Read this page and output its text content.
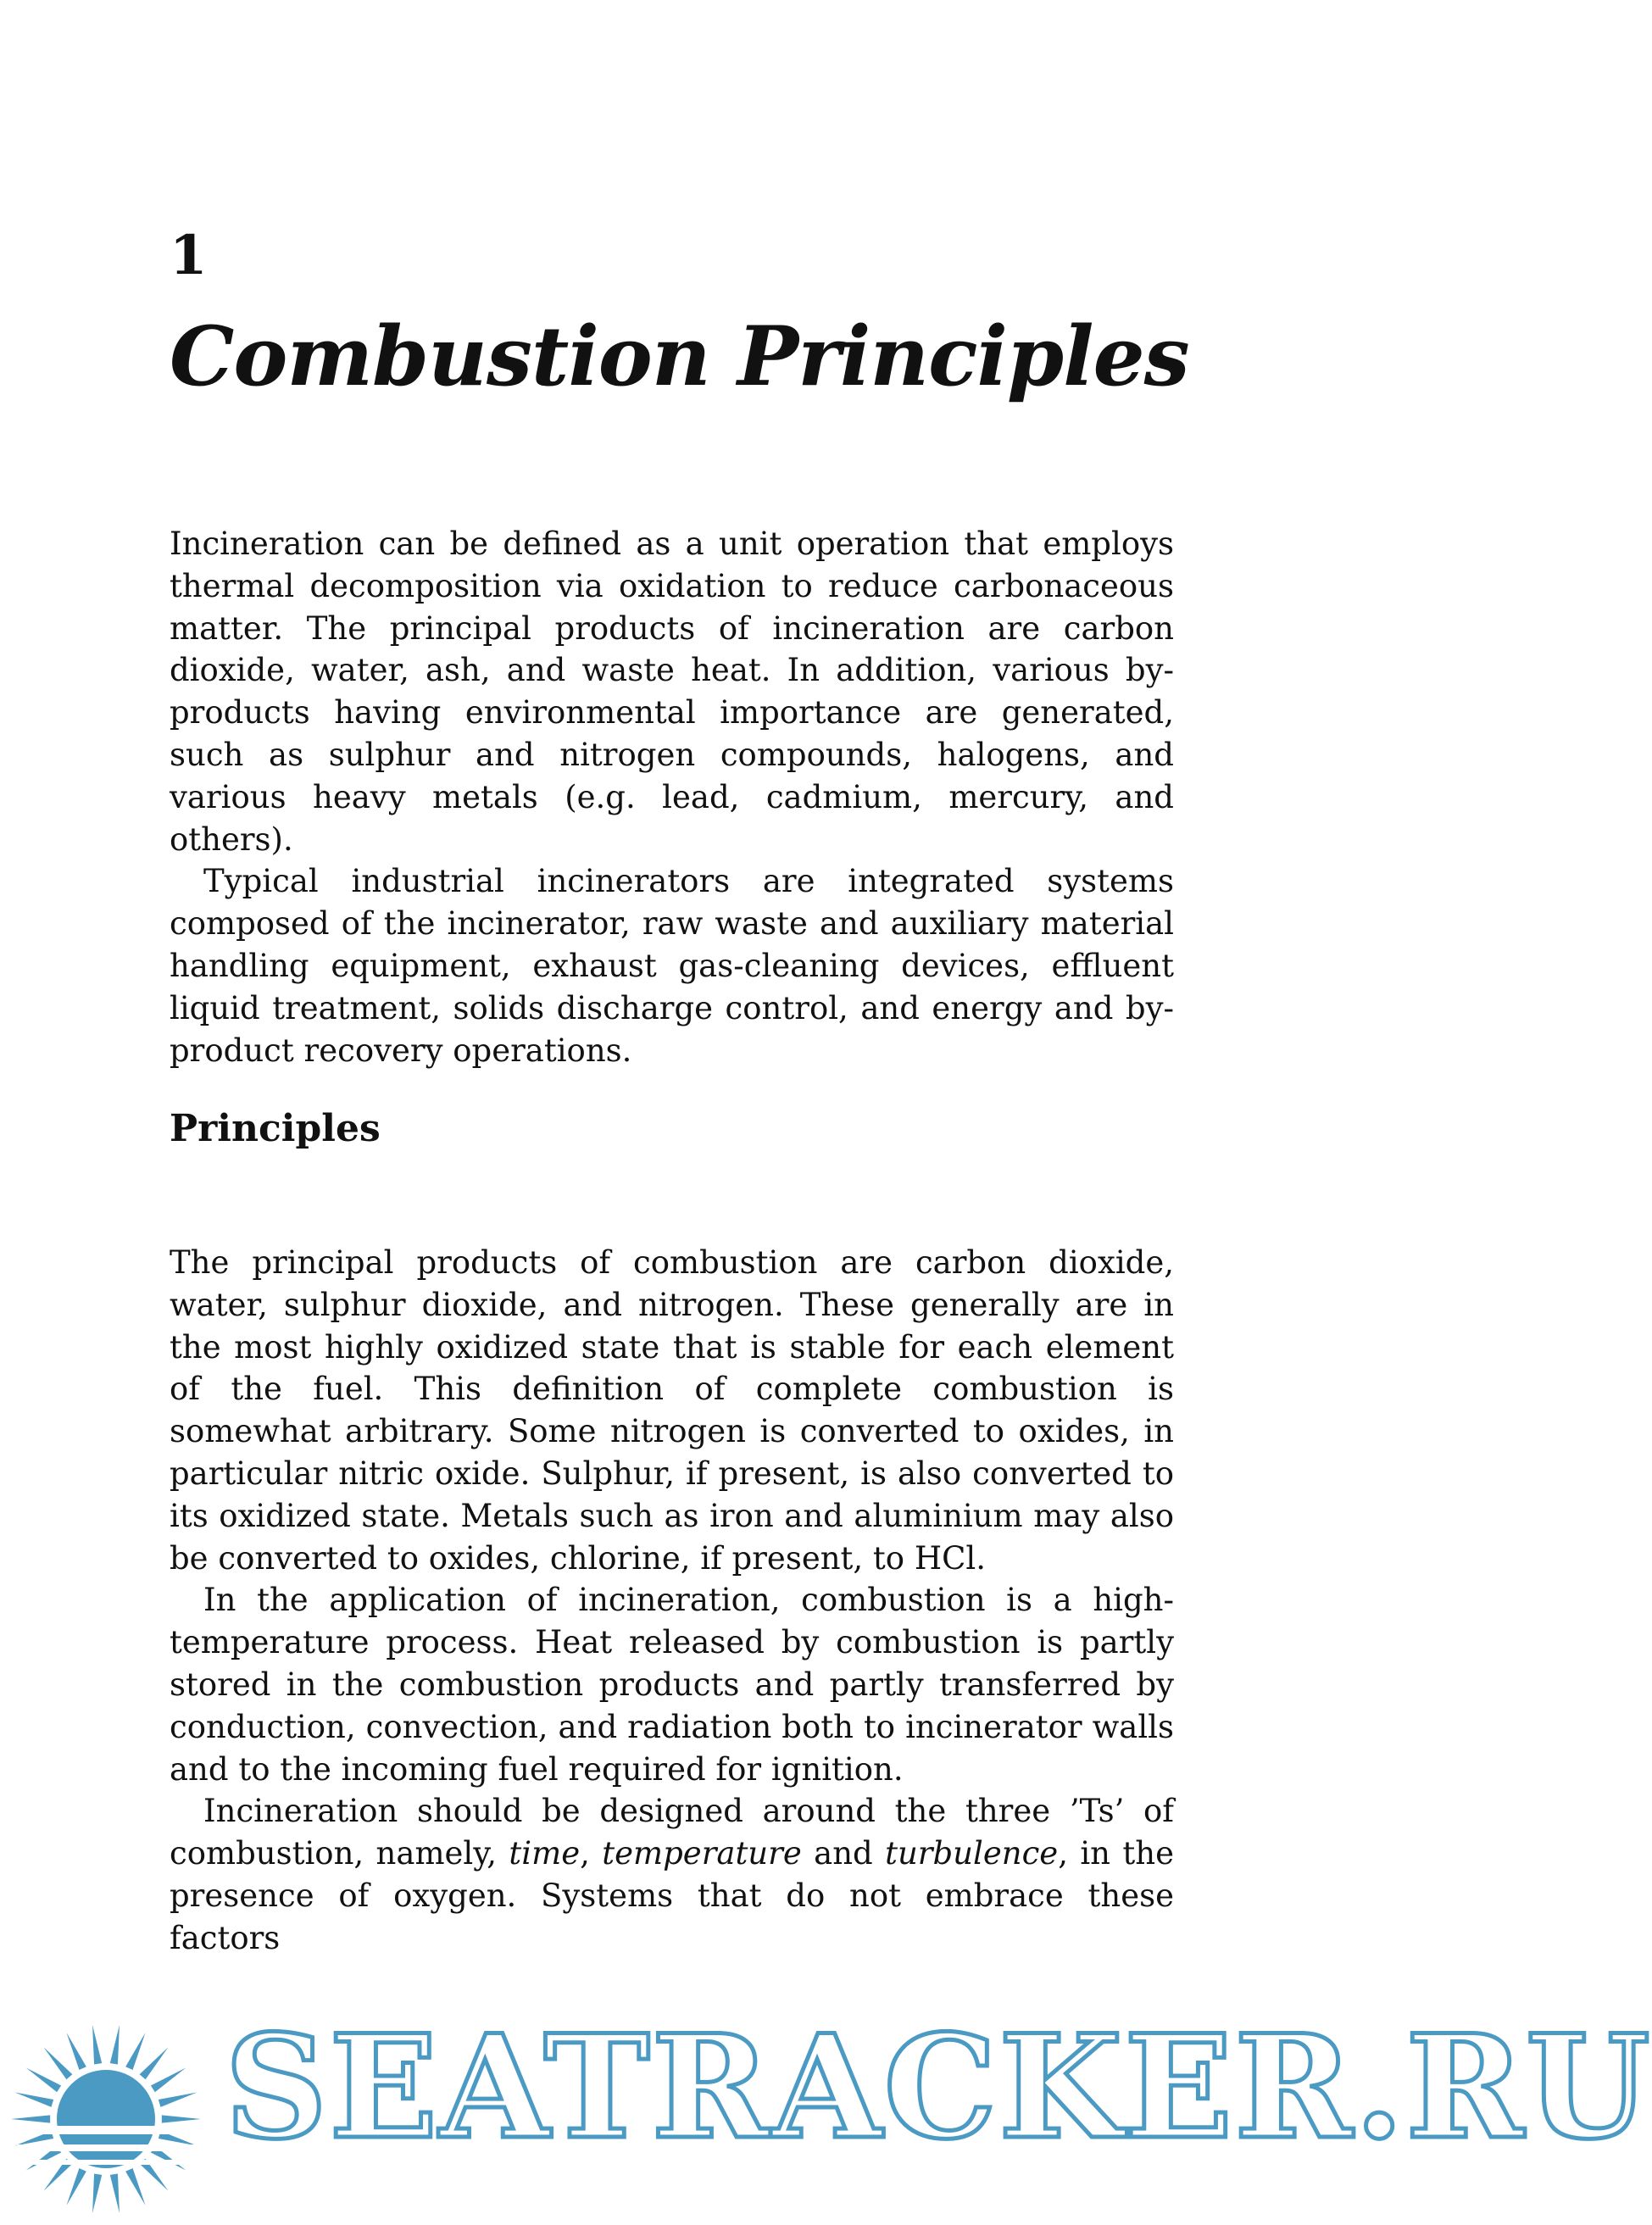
1
Combustion Principles

Incineration can be defined as a unit operation that employs thermal decomposition via oxidation to reduce carbonaceous matter. The principal products of incineration are carbon dioxide, water, ash, and waste heat. In addition, various by-products having environmental importance are generated, such as sulphur and nitrogen compounds, halogens, and various heavy metals (e.g. lead, cadmium, mercury, and others).

Typical industrial incinerators are integrated systems composed of the incinerator, raw waste and auxiliary material handling equipment, exhaust gas-cleaning devices, effluent liquid treatment, solids discharge control, and energy and by-product recovery operations.

Principles

The principal products of combustion are carbon dioxide, water, sulphur dioxide, and nitrogen. These generally are in the most highly oxidized state that is stable for each element of the fuel. This definition of complete combustion is somewhat arbitrary. Some nitrogen is converted to oxides, in particular nitric oxide. Sulphur, if present, is also converted to its oxidized state. Metals such as iron and aluminium may also be converted to oxides, chlorine, if present, to HCl.

In the application of incineration, combustion is a high-temperature process. Heat released by combustion is partly stored in the combustion products and partly transferred by conduction, convection, and radiation both to incinerator walls and to the incoming fuel required for ignition.

Incineration should be designed around the three ’Ts’ of combustion, namely, time, temperature and turbulence, in the presence of oxygen. Systems that do not embrace these factors

SEATRACKER.RU
